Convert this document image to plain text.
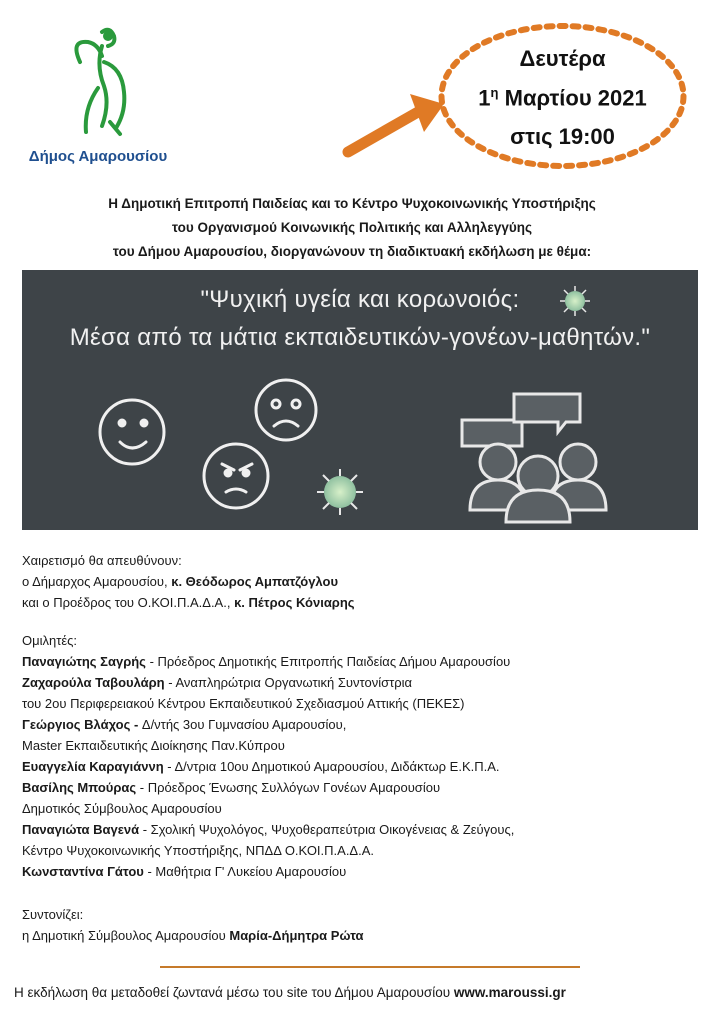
Δήμος Αμαρουσίου
Δευτέρα
$1^\eta$ Μαρτίου 2021
στις 19:00
Η Δημοτική Επιτροπή Παιδείας και το Κέντρο Ψυχοκοινωνικής Υποστήριξης
του Οργανισμού Κοινωνικής Πολιτικής και Αλληλεγγύης
του Δήμου Αμαρουσίου, διοργανώνουν τη διαδικτυακή εκδήλωση με θέμα:
"Ψυχική υγεία και κορωνοιός:
Μέσα από τα μάτια εκπαιδευτικών-γονέων-μαθητών."
Χαιρετισμό θα απευθύνουν:
ο Δήμαρχος Αμαρουσίου, κ. Θεόδωρος Αμπατζόγλου
και ο Προέδρος του Ο.ΚΟΙ.Π.Α.Δ.Α., κ. Πέτρος Κόνιαρης
Ομιλητές:
Παναγιώτης Σαγρής - Πρόεδρος Δημοτικής Επιτροπής Παιδείας Δήμου Αμαρουσίου
Ζαχαρούλα Ταβουλάρη - Αναπληρώτρια Οργανωτική Συντονίστρια
του 2ου Περιφερειακού Κέντρου Εκπαιδευτικού Σχεδιασμού Αττικής (ΠΕΚΕΣ)
Γεώργιος Βλάχος - Δ/ντής 3ου Γυμνασίου Αμαρουσίου,
Master Εκπαιδευτικής Διοίκησης Παν.Κύπρου
Ευαγγελία Καραγιάννη - Δ/ντρια 10ου Δημοτικού Αμαρουσίου, Διδάκτωρ Ε.Κ.Π.Α.
Βασίλης Μπούρας - Πρόεδρος Ένωσης Συλλόγων Γονέων Αμαρουσίου
Δημοτικός Σύμβουλος Αμαρουσίου
Παναγιώτα Βαγενά - Σχολική Ψυχολόγος, Ψυχοθεραπεύτρια Οικογένειας & Ζεύγους,
Κέντρο Ψυχοκοινωνικής Υποστήριξης, ΝΠΔΔ Ο.ΚΟΙ.Π.Α.Δ.Α.
Κωνσταντίνα Γάτου - Μαθήτρια Γ' Λυκείου Αμαρουσίου
Συντονίζει:
η Δημοτική Σύμβουλος Αμαρουσίου Μαρία-Δήμητρα Ρώτα
Η εκδήλωση θα μεταδοθεί ζωντανά μέσω του site του Δήμου Αμαρουσίου www.maroussi.gr
